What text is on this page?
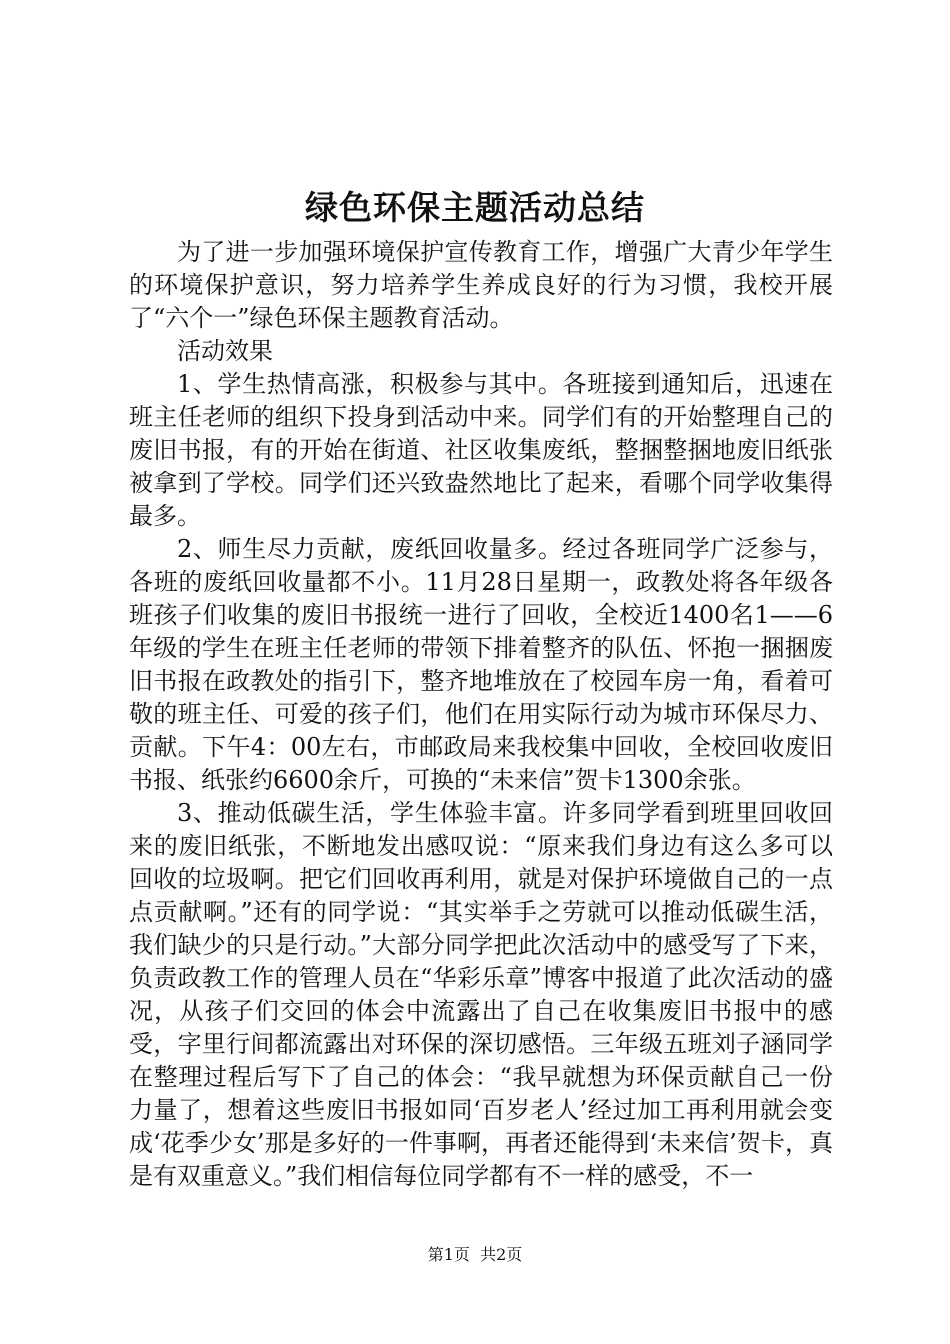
绿色环保主题活动总结

为了进一步加强环境保护宣传教育工作，增强广大青少年学生的环境保护意识，努力培养学生养成良好的行为习惯，我校开展了“六个一”绿色环保主题教育活动。

活动效果

1、学生热情高涨，积极参与其中。各班接到通知后，迅速在班主任老师的组织下投身到活动中来。同学们有的开始整理自己的废旧书报，有的开始在街道、社区收集废纸，整捆整捆地废旧纸张被拿到了学校。同学们还兴致盎然地比了起来，看哪个同学收集得最多。

2、师生尽力贡献，废纸回收量多。经过各班同学广泛参与，各班的废纸回收量都不小。11月28日星期一，政教处将各年级各班孩子们收集的废旧书报统一进行了回收，全校近1400名1——6年级的学生在班主任老师的带领下排着整齐的队伍、怀抱一捆捆废旧书报在政教处的指引下，整齐地堆放在了校园车房一角，看着可敬的班主任、可爱的孩子们，他们在用实际行动为城市环保尽力、贡献。下午4：00左右，市邮政局来我校集中回收，全校回收废旧书报、纸张约6600余斤，可换的“未来信”贺卡1300余张。

3、推动低碳生活，学生体验丰富。许多同学看到班里回收回来的废旧纸张，不断地发出感叹说：“原来我们身边有这么多可以回收的垃圾啊。把它们回收再利用，就是对保护环境做自己的一点点贡献啊。”还有的同学说：“其实举手之劳就可以推动低碳生活，我们缺少的只是行动。”大部分同学把此次活动中的感受写了下来，负责政教工作的管理人员在“华彩乐章”博客中报道了此次活动的盛况，从孩子们交回的体会中流露出了自己在收集废旧书报中的感受，字里行间都流露出对环保的深切感悟。三年级五班刘子涵同学在整理过程后写下了自己的体会：“我早就想为环保贡献自己一份力量了，想着这些废旧书报如同‘百岁老人’经过加工再利用就会变成‘花季少女’那是多好的一件事啊，再者还能得到‘未来信’贺卡，真是有双重意义。”我们相信每位同学都有不一样的感受，不一

第1页 共2页
